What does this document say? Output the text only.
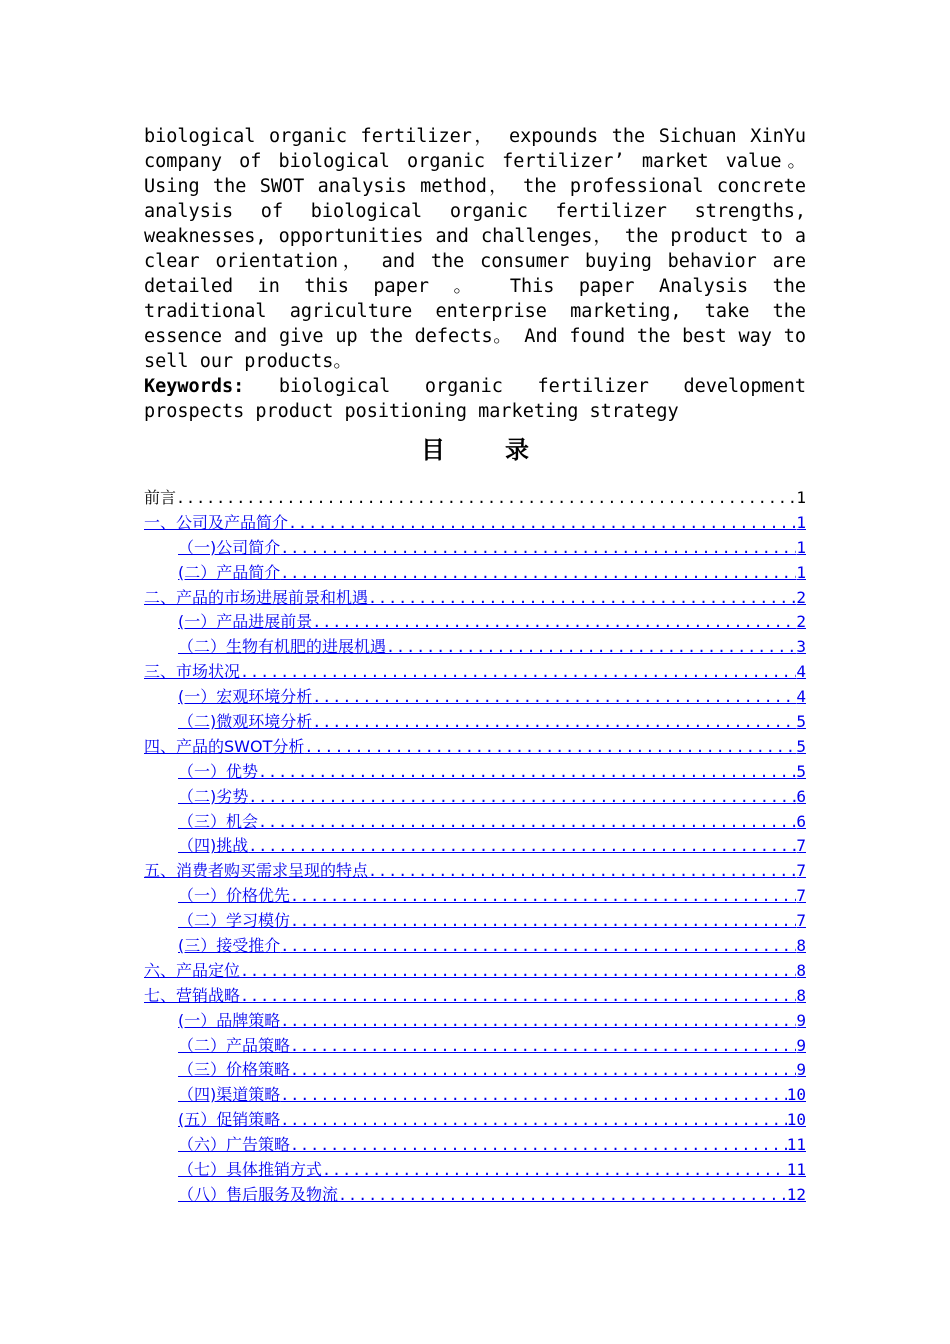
biological organic fertilizer， expounds the Sichuan XinYu company of biological organic fertilizer’ market value。 Using the SWOT analysis method， the professional concrete analysis of biological organic fertilizer strengths, weaknesses, opportunities and challenges， the product to a clear orientation， and the consumer buying behavior are detailed in this paper 。 This paper Analysis the traditional agriculture enterprise marketing, take the essence and give up the defects。 And found the best way to sell our products。

Keywords: biological organic fertilizer development prospects product positioning marketing strategy

目录
前言 .....	1
一、公司及产品简介 .....	1
（一)公司简介 .....	1
(二）产品简介 .....	1
二、产品的市场进展前景和机遇 .....	2
(一）产品进展前景 .....	2
（二）生物有机肥的进展机遇 .....	3
三、市场状况 .....	4
(一）宏观环境分析 .....	4
（二)微观环境分析 .....	5
四、产品的SWOT分析 .....	5
（一）优势 .....	5
（二)劣势 .....	6
（三）机会 .....	6
（四)挑战 .....	7
五、消费者购买需求呈现的特点 .....	7
（一）价格优先 .....	7
（二）学习模仿 .....	7
(三）接受推介 .....	8
六、产品定位 .....	8
七、营销战略 .....	8
(一）品牌策略 .....	9
（二）产品策略 .....	9
（三）价格策略 .....	9
（四)渠道策略 .....	10
(五）促销策略 .....	10
（六）广告策略 .....	11
（七）具体推销方式 .....	11
（八）售后服务及物流 .....	12
